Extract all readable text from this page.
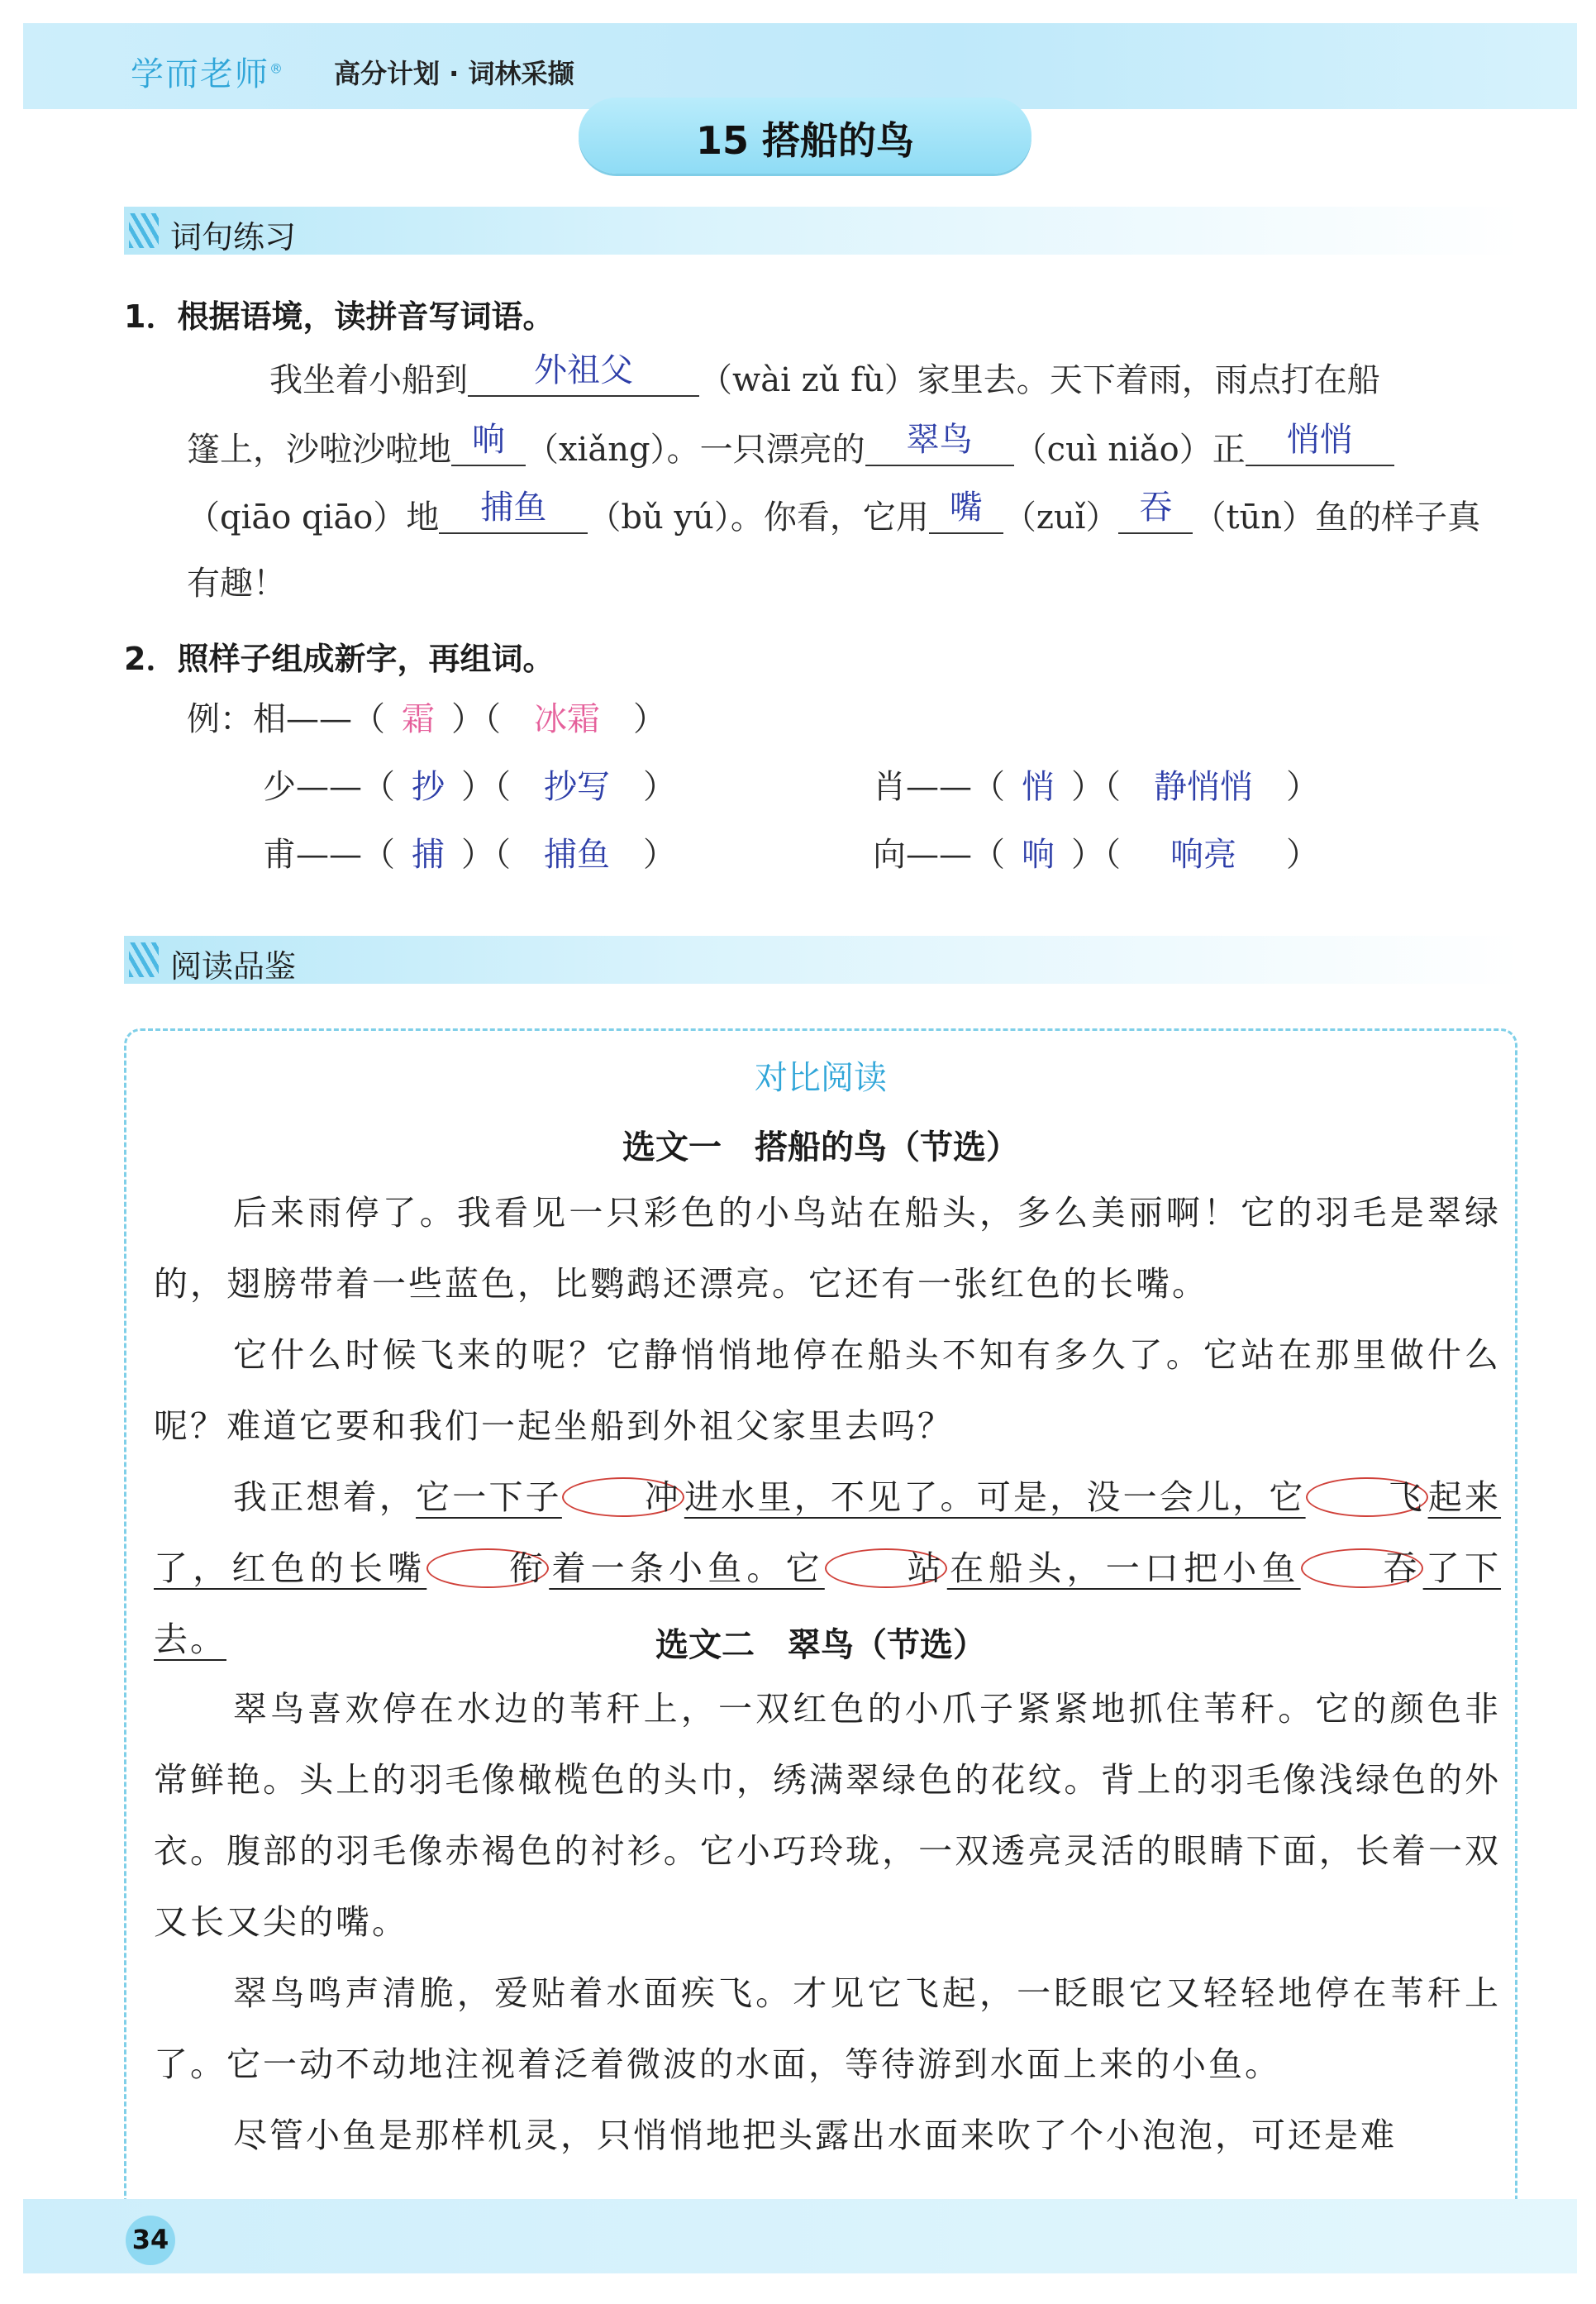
学而老师® 高分计划 · 词林采撷
15 搭船的鸟
词句练习
1．根据语境，读拼音写词语。
我坐着小船到	外祖父	（wài zǔ fù）家里去。天下着雨，雨点打在船
篷上，沙啦沙啦地 响 （xiǎng）。一只漂亮的	翠鸟	（cuì niǎo）正	悄悄
（qiāo qiāo）地	捕鱼	（bǔ yú）。你看，它用 嘴 （zuǐ） 吞 （tūn）鱼的样子真
有趣！
2．照样子组成新字，再组词。
例：相——（ 霜 ）（ 冰霜 ）
少——（ 抄 ）（ 抄写 ）	肖——（ 悄 ）（ 静悄悄 ）
甫——（ 捕 ）（ 捕鱼 ）	向——（ 响 ）（ 响亮 ）
阅读品鉴
对比阅读
选文一　搭船的鸟（节选）
后来雨停了。我看见一只彩色的小鸟站在船头，多么美丽啊！它的羽毛是翠绿的，翅膀带着一些蓝色，比鹦鹉还漂亮。它还有一张红色的长嘴。
它什么时候飞来的呢？它静悄悄地停在船头不知有多久了。它站在那里做什么呢？难道它要和我们一起坐船到外祖父家里去吗？
我正想着，它一下子 冲进水里，不见了。可是，没一会儿，它 飞起来了，红色的长嘴 衔着一条小鱼。它 站在船头，一口把小鱼 吞了下去。	选文二　翠鸟（节选）
翠鸟喜欢停在水边的苇秆上，一双红色的小爪子紧紧地抓住苇秆。它的颜色非常鲜艳。头上的羽毛像橄榄色的头巾，绣满翠绿色的花纹。背上的羽毛像浅绿色的外衣。腹部的羽毛像赤褐色的衬衫。它小巧玲珑，一双透亮灵活的眼睛下面，长着一双又长又尖的嘴。
翠鸟鸣声清脆，爱贴着水面疾飞。才见它飞起，一眨眼它又轻轻地停在苇秆上了。它一动不动地注视着泛着微波的水面，等待游到水面上来的小鱼。
尽管小鱼是那样机灵，只悄悄地把头露出水面来吹了个小泡泡，可还是难
34
